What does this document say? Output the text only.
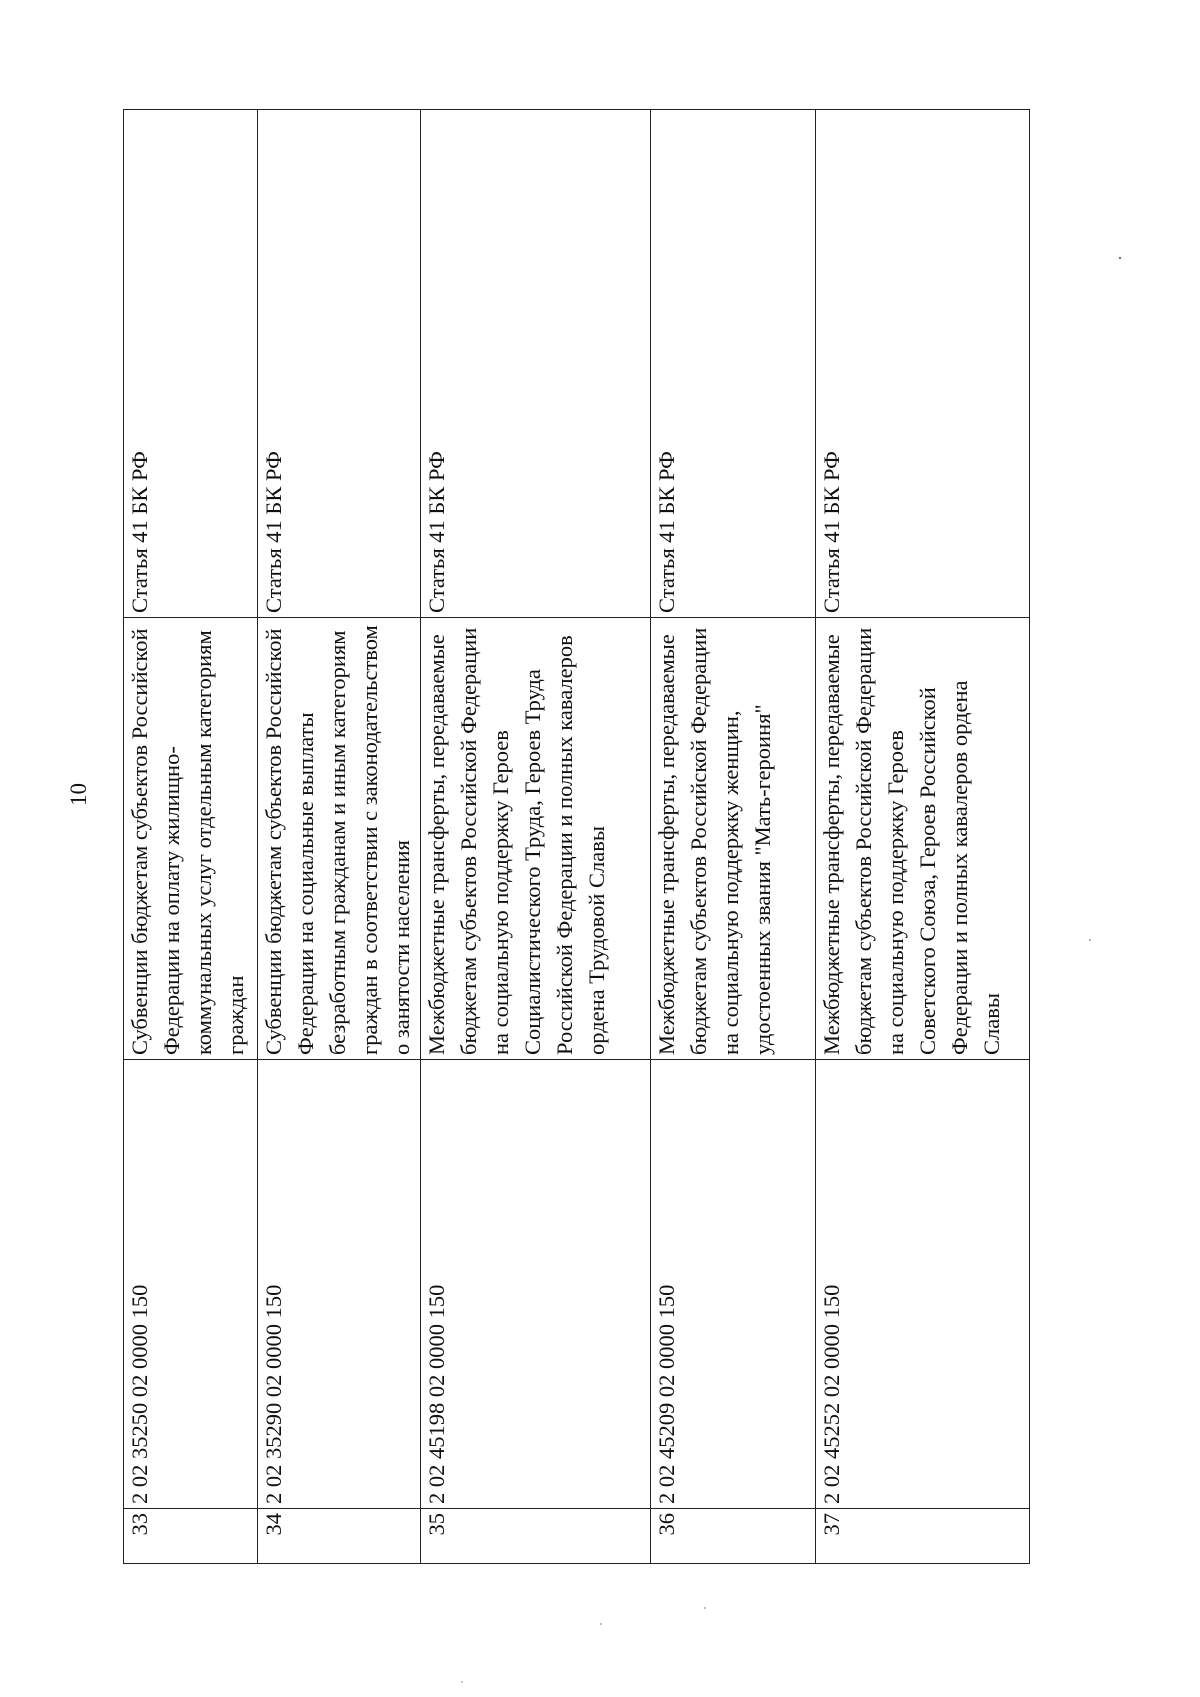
10
33	2 02 35250 02 0000 150	Субвенции бюджетам субъектов Российской Федерации на оплату жилищно-коммунальных услуг отдельным категориям граждан	Статья 41 БК РФ
34	2 02 35290 02 0000 150	Субвенции бюджетам субъектов Российской Федерации на социальные выплаты безработным гражданам и иным категориям граждан в соответствии с законодательством о занятости населения	Статья 41 БК РФ
35	2 02 45198 02 0000 150	Межбюджетные трансферты, передаваемые бюджетам субъектов Российской Федерации на социальную поддержку Героев Социалистического Труда, Героев Труда Российской Федерации и полных кавалеров ордена Трудовой Славы	Статья 41 БК РФ
36	2 02 45209 02 0000 150	Межбюджетные трансферты, передаваемые бюджетам субъектов Российской Федерации на социальную поддержку женщин, удостоенных звания "Мать-героиня"	Статья 41 БК РФ
37	2 02 45252 02 0000 150	Межбюджетные трансферты, передаваемые бюджетам субъектов Российской Федерации на социальную поддержку Героев Советского Союза, Героев Российской Федерации и полных кавалеров ордена Славы	Статья 41 БК РФ
